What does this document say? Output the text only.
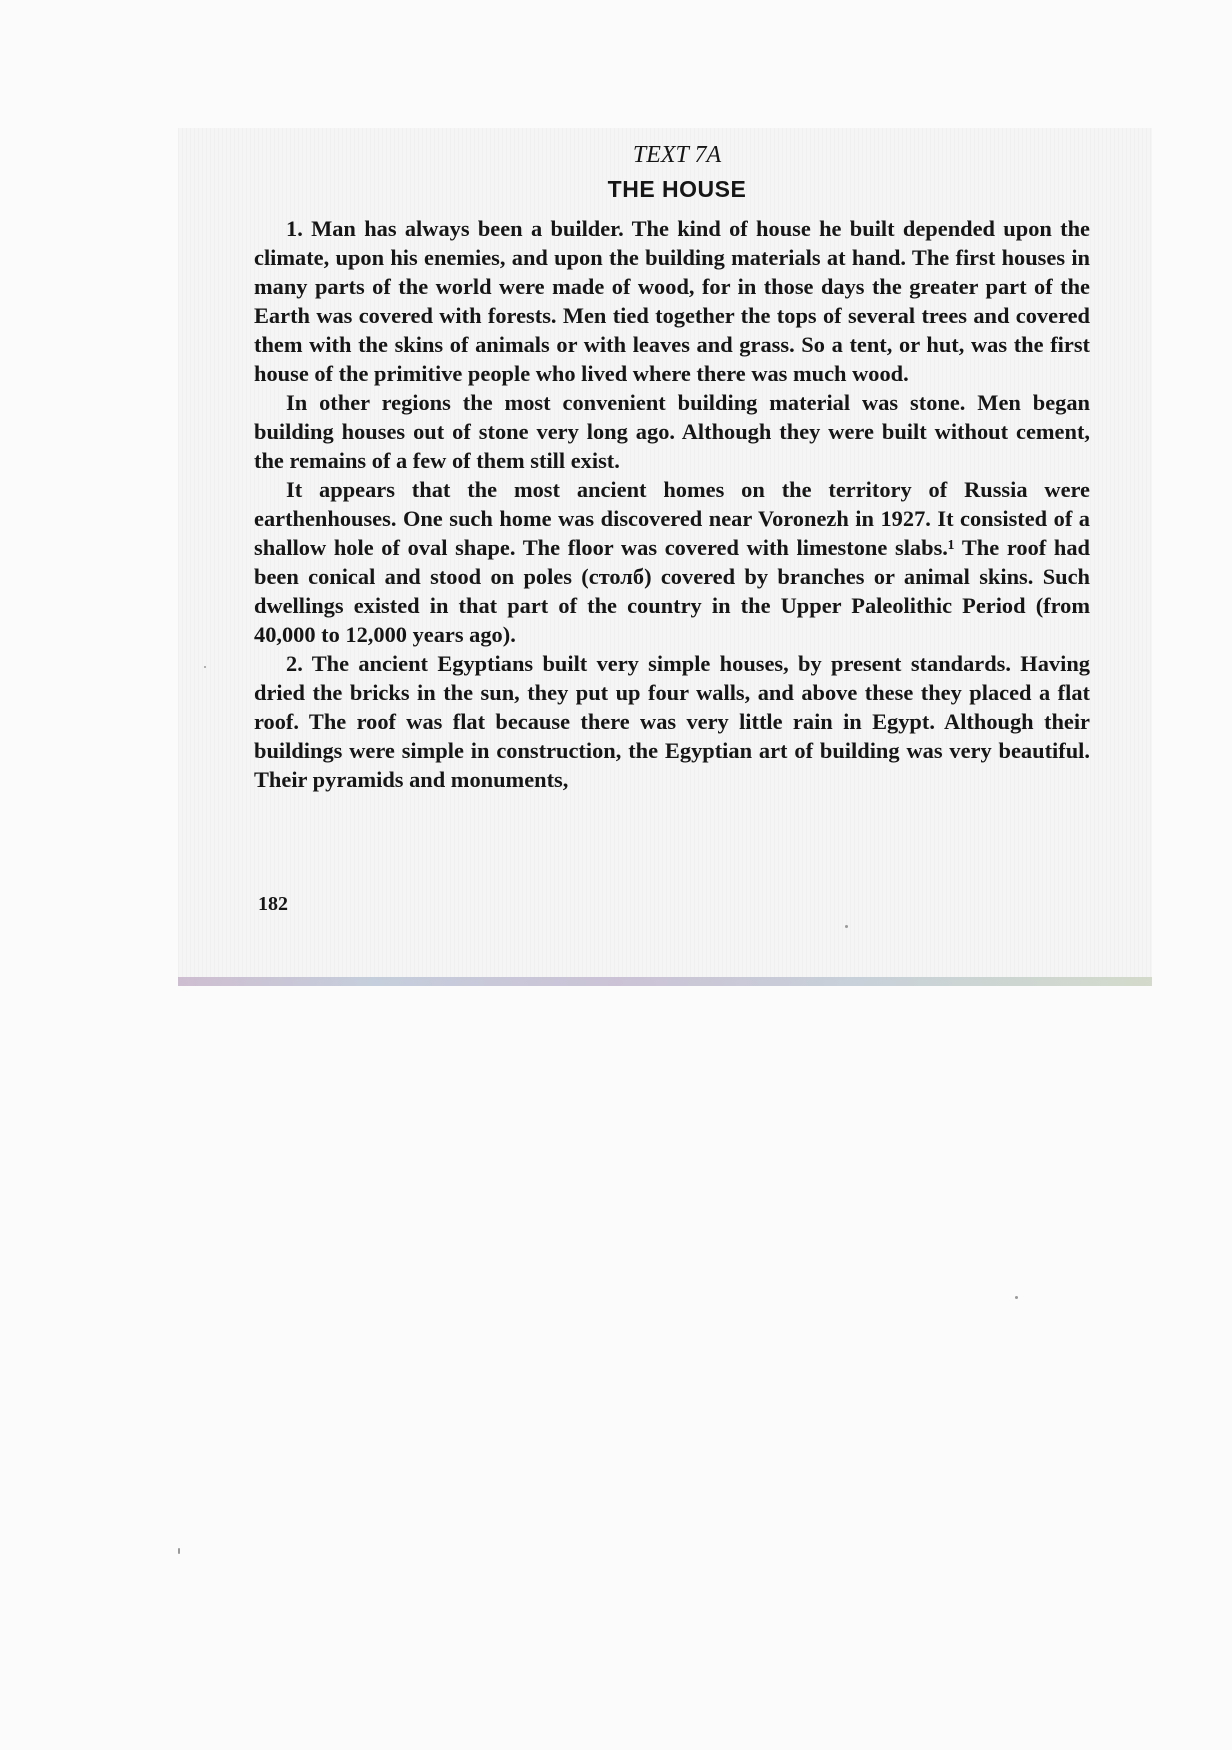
TEXT 7A

THE HOUSE

1. Man has always been a builder. The kind of house he built depended upon the climate, upon his enemies, and upon the building materials at hand. The first houses in many parts of the world were made of wood, for in those days the greater part of the Earth was covered with forests. Men tied together the tops of several trees and covered them with the skins of animals or with leaves and grass. So a tent, or hut, was the first house of the primitive people who lived where there was much wood.

In other regions the most convenient building material was stone. Men began building houses out of stone very long ago. Although they were built without cement, the remains of a few of them still exist.

It appears that the most ancient homes on the territory of Russia were earthenhouses. One such home was discovered near Voronezh in 1927. It consisted of a shallow hole of oval shape. The floor was covered with limestone slabs.¹ The roof had been conical and stood on poles (столб) covered by branches or animal skins. Such dwellings existed in that part of the country in the Upper Paleolithic Period (from 40,000 to 12,000 years ago).

2. The ancient Egyptians built very simple houses, by present standards. Having dried the bricks in the sun, they put up four walls, and above these they placed a flat roof. The roof was flat because there was very little rain in Egypt. Although their buildings were simple in construction, the Egyptian art of building was very beautiful. Their pyramids and monuments,

182
